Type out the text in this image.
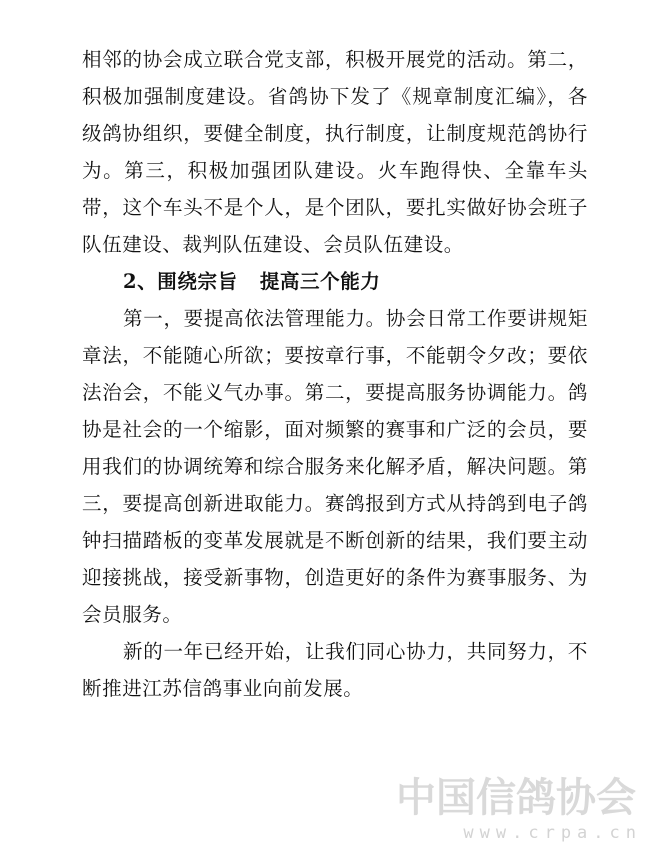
相邻的协会成立联合党支部，积极开展党的活动。第二，积极加强制度建设。省鸽协下发了《规章制度汇编》，各级鸽协组织，要健全制度，执行制度，让制度规范鸽协行为。第三，积极加强团队建设。火车跑得快、全靠车头带，这个车头不是个人，是个团队，要扎实做好协会班子队伍建设、裁判队伍建设、会员队伍建设。

2、围绕宗旨   提高三个能力

第一，要提高依法管理能力。协会日常工作要讲规矩章法，不能随心所欲；要按章行事，不能朝令夕改；要依法治会，不能义气办事。第二，要提高服务协调能力。鸽协是社会的一个缩影，面对频繁的赛事和广泛的会员，要用我们的协调统筹和综合服务来化解矛盾，解决问题。第三，要提高创新进取能力。赛鸽报到方式从持鸽到电子鸽钟扫描踏板的变革发展就是不断创新的结果，我们要主动迎接挑战，接受新事物，创造更好的条件为赛事服务、为会员服务。

新的一年已经开始，让我们同心协力，共同努力，不断推进江苏信鸽事业向前发展。

中国信鸽协会
www.crpa.cn
